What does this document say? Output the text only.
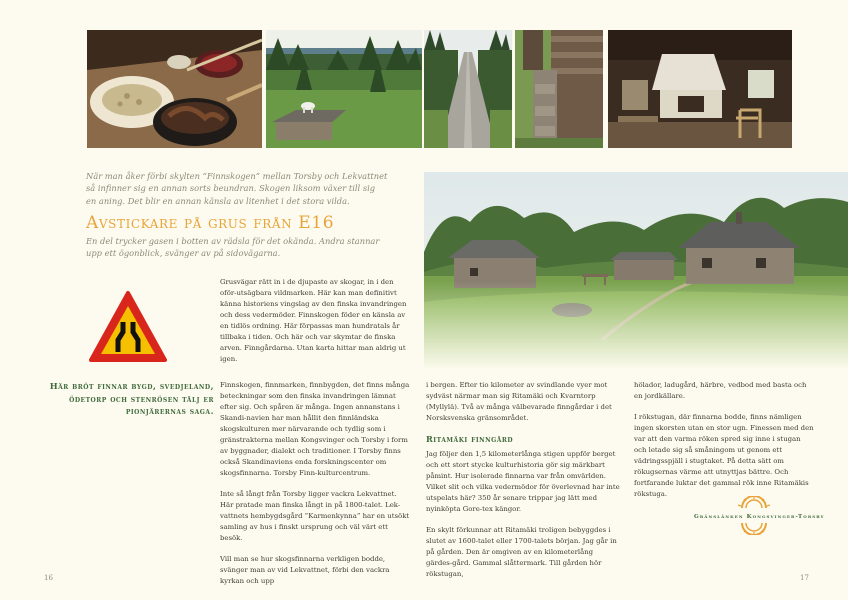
När man åker förbi skylten ”Finnskogen” mellan Torsby och Lekvattnet

så infinner sig en annan sorts beundran. Skogen liksom växer till sig

en aning. Det blir en annan känsla av litenhet i det stora vilda.

Avstickare på grus från E16

En del trycker gasen i botten av rädsla för det okända. Andra stannar

upp ett ögonblick, svänger av på sidovägarna.

Grusvägar rätt in i de djupaste av skogar, in i den oför-utsägbara vildmarken. Här kan man definitivt känna historiens vingslag av den finska invandringen och dess vedermöder. Finnskogen föder en känsla av en tidlös ordning. Här förpassas man hundratals år tillbaka i tiden. Och här och var skymtar de finska arven. Finngårdarna. Utan karta hittar man aldrig ut igen.

Här bröt finnar bygd, svedjeland, ödetorp och stenrösen tälj er pionjärernas saga.

Finnskogen, finnmarken, finnbygden, det finns många beteckningar som den finska invandringen lämnat efter sig. Och spåren är många. Ingen annanstans i Skandi-navien har man hållit den finnländska skogskulturen mer närvarande och tydlig som i gränstrakterna mellan Kongsvinger och Torsby i form av byggnader, dialekt och traditioner. I Torsby finns också Skandinaviens enda forskningscenter om skogsfinnarna. Torsby Finn-kulturcentrum.

Inte så långt från Torsby ligger vackra Lekvattnet. Här pratade man finska långt in på 1800-talet. Lek-vattnets hembygdsgård ”Karmenkynna” har en utsökt samling av hus i finskt ursprung och väl värt ett besök.

Vill man se hur skogsfinnarna verkligen bodde, svänger man av vid Lekvattnet, förbi den vackra kyrkan och upp

i bergen. Efter tio kilometer av svindlande vyer mot sydväst närmar man sig Ritamäki och Kvarntorp (Myllylä). Två av många välbevarade finngårdar i det Norsksvenska gränsområdet.

Ritamäki finngård

Jag följer den 1,5 kilometerlånga stigen uppför berget och ett stort stycke kulturhistoria gör sig märkbart påmint. Hur isolerade finnarna var från omvärlden. Vilket slit och vilka vedermödor för överlevnad har inte utspelats här? 350 år senare trippar jag lätt med nyinköpta Gore-tex kängor.

En skylt förkunnar att Ritamäki troligen bebyggdes i slutet av 1600-talet eller 1700-talets början. Jag går in på gården. Den är omgiven av en kilometerlång gärdes-gård. Gammal slåttermark. Till gården hör rökstugan,

hölador, ladugård, härbre, vedbod med basta och en jordkällare.

I rökstugan, där finnarna bodde, finns nämligen ingen skorsten utan en stor ugn. Finessen med den var att den varma röken spred sig inne i stugan och letade sig så småningom ut genom ett vädringsspjäll i stugtaket. På detta sätt om rökugsernas värme att utnyttjas bättre. Och fortfarande luktar det gammal rök inne Ritamäkis rökstuga.

Gränslänken Kongsvinger-Torsby
16	17
